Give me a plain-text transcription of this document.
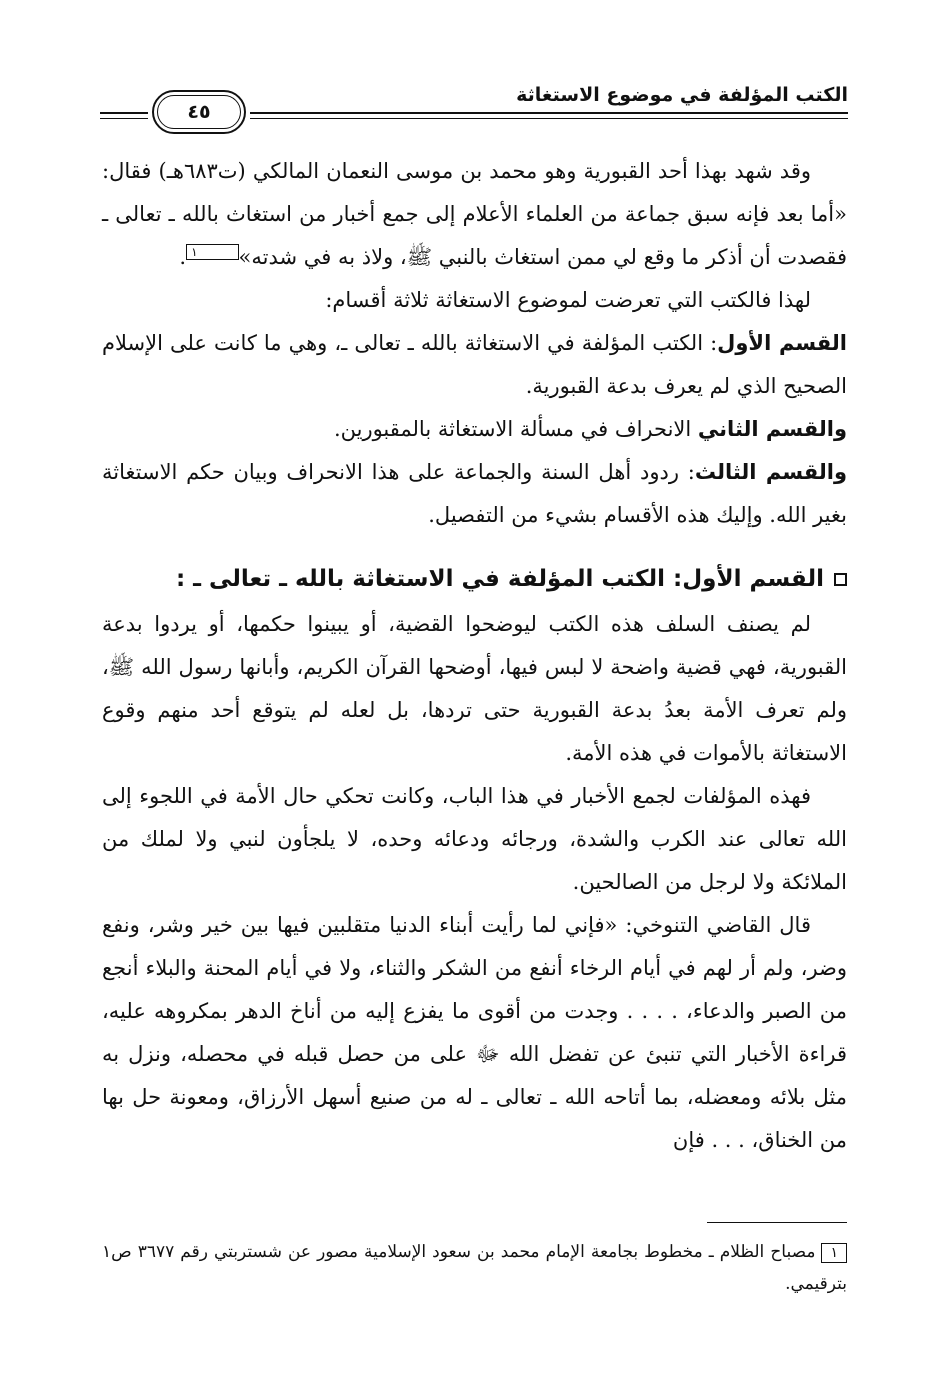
الكتب المؤلفة في موضوع الاستغاثة
٤٥

وقد شهد بهذا أحد القبورية وهو محمد بن موسى النعمان المالكي (ت٦٨٣هـ) فقال: «أما بعد فإنه سبق جماعة من العلماء الأعلام إلى جمع أخبار من استغاث بالله ـ تعالى ـ فقصدت أن أذكر ما وقع لي ممن استغاث بالنبي ﷺ، ولاذ به في شدته»١.

لهذا فالكتب التي تعرضت لموضوع الاستغاثة ثلاثة أقسام:

القسم الأول: الكتب المؤلفة في الاستغاثة بالله ـ تعالى ـ، وهي ما كانت على الإسلام الصحيح الذي لم يعرف بدعة القبورية.

والقسم الثاني الانحراف في مسألة الاستغاثة بالمقبورين.

والقسم الثالث: ردود أهل السنة والجماعة على هذا الانحراف وبيان حكم الاستغاثة بغير الله. وإليك هذه الأقسام بشيء من التفصيل.

القسم الأول: الكتب المؤلفة في الاستغاثة بالله ـ تعالى ـ :

لم يصنف السلف هذه الكتب ليوضحوا القضية، أو يبينوا حكمها، أو يردوا بدعة القبورية، فهي قضية واضحة لا لبس فيها، أوضحها القرآن الكريم، وأبانها رسول الله ﷺ، ولم تعرف الأمة بعدُ بدعة القبورية حتى تردها، بل لعله لم يتوقع أحد منهم وقوع الاستغاثة بالأموات في هذه الأمة.

فهذه المؤلفات لجمع الأخبار في هذا الباب، وكانت تحكي حال الأمة في اللجوء إلى الله تعالى عند الكرب والشدة، ورجائه ودعائه وحده، لا يلجأون لنبي ولا لملك من الملائكة ولا لرجل من الصالحين.

قال القاضي التنوخي: «فإني لما رأيت أبناء الدنيا متقلبين فيها بين خير وشر، ونفع وضر، ولم أر لهم في أيام الرخاء أنفع من الشكر والثناء، ولا في أيام المحنة والبلاء أنجع من الصبر والدعاء، . . . . وجدت من أقوى ما يفزع إليه من أناخ الدهر بمكروهه عليه، قراءة الأخبار التي تنبئ عن تفضل الله ﷻ على من حصل قبله في محصله، ونزل به مثل بلائه ومعضله، بما أتاحه الله ـ تعالى ـ له من صنيع أسهل الأرزاق، ومعونة حل بها من الخناق، . . . فإن

١مصباح الظلام ـ مخطوط بجامعة الإمام محمد بن سعود الإسلامية مصور عن شستربتي رقم ٣٦٧٧ ص١ بترقيمي.
